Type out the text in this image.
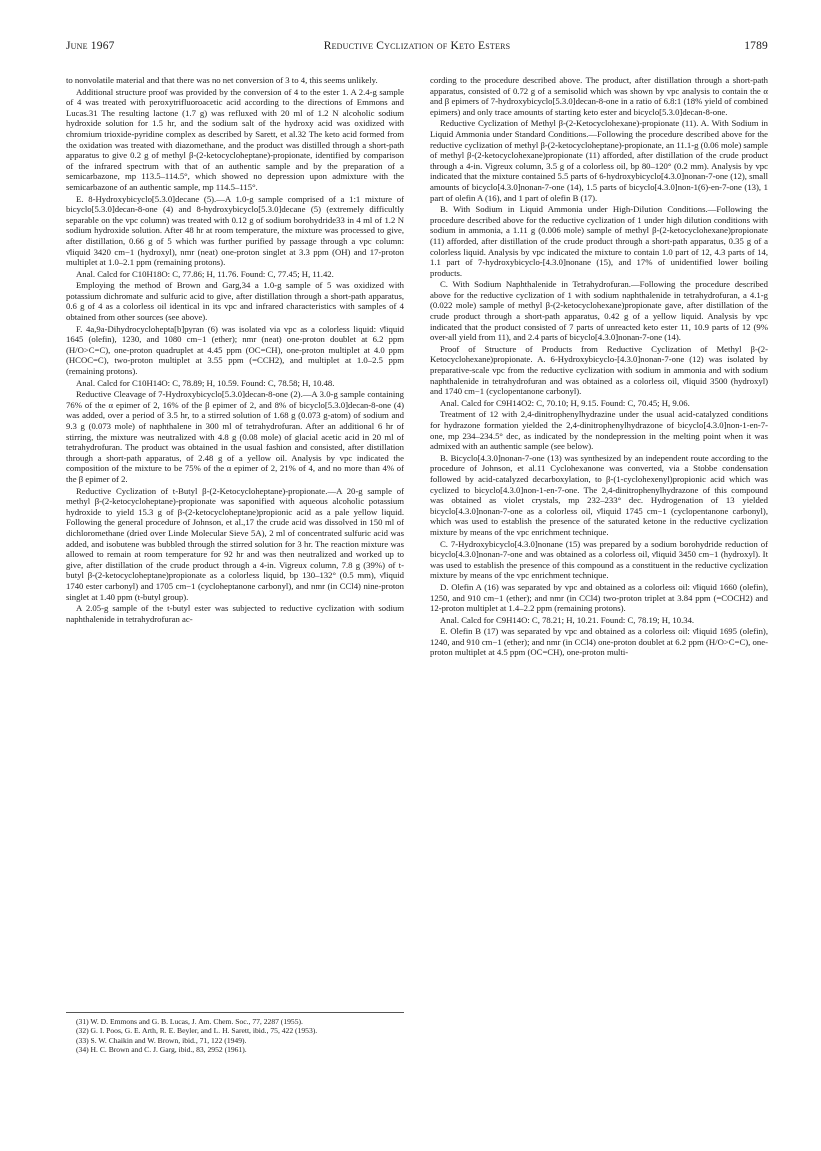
June 1967	Reductive Cyclization of Keto Esters	1789

to nonvolatile material and that there was no net conversion of 3 to 4, this seems unlikely.

Additional structure proof was provided by the conversion of 4 to the ester 1. A 2.4-g sample of 4 was treated with peroxytrifluoroacetic acid according to the directions of Emmons and Lucas.31 The resulting lactone (1.7 g) was refluxed with 20 ml of 1.2 N alcoholic sodium hydroxide solution for 1.5 hr, and the sodium salt of the hydroxy acid was oxidized with chromium trioxide-pyridine complex as described by Sarett, et al.32 The keto acid formed from the oxidation was treated with diazomethane, and the product was distilled through a short-path apparatus to give 0.2 g of methyl β-(2-ketocycloheptane)-propionate, identified by comparison of the infrared spectrum with that of an authentic sample and by the preparation of a semicarbazone, mp 113.5–114.5°, which showed no depression upon admixture with the semicarbazone of an authentic sample, mp 114.5–115°.

E. 8-Hydroxybicyclo[5.3.0]decane (5).—A 1.0-g sample comprised of a 1:1 mixture of bicyclo[5.3.0]decan-8-one (4) and 8-hydroxybicyclo[5.3.0]decane (5) (extremely difficultly separable on the vpc column) was treated with 0.12 g of sodium borohydride33 in 4 ml of 1.2 N sodium hydroxide solution. After 48 hr at room temperature, the mixture was processed to give, after distillation, 0.66 g of 5 which was further purified by passage through a vpc column: ν̄liquid 3420 cm−1 (hydroxyl), nmr (neat) one-proton singlet at 3.3 ppm (OH) and 17-proton multiplet at 1.0–2.1 ppm (remaining protons).

Anal. Calcd for C10H18O: C, 77.86; H, 11.76. Found: C, 77.45; H, 11.42.

Employing the method of Brown and Garg,34 a 1.0-g sample of 5 was oxidized with potassium dichromate and sulfuric acid to give, after distillation through a short-path apparatus, 0.6 g of 4 as a colorless oil identical in its vpc and infrared characteristics with samples of 4 obtained from other sources (see above).

F. 4a,9a-Dihydrocyclohepta[b]pyran (6) was isolated via vpc as a colorless liquid: ν̄liquid 1645 (olefin), 1230, and 1080 cm−1 (ether); nmr (neat) one-proton doublet at 6.2 ppm (H/O>C=C), one-proton quadruplet at 4.45 ppm (OC=CH), one-proton multiplet at 4.0 ppm (HCOC=C), two-proton multiplet at 3.55 ppm (=CCH2), and multiplet at 1.0–2.5 ppm (remaining protons).

Anal. Calcd for C10H14O: C, 78.89; H, 10.59. Found: C, 78.58; H, 10.48.

Reductive Cleavage of 7-Hydroxybicyclo[5.3.0]decan-8-one (2).—A 3.0-g sample containing 76% of the α epimer of 2, 16% of the β epimer of 2, and 8% of bicyclo[5.3.0]decan-8-one (4) was added, over a period of 3.5 hr, to a stirred solution of 1.68 g (0.073 g-atom) of sodium and 9.3 g (0.073 mole) of naphthalene in 300 ml of tetrahydrofuran. After an additional 6 hr of stirring, the mixture was neutralized with 4.8 g (0.08 mole) of glacial acetic acid in 20 ml of tetrahydrofuran. The product was obtained in the usual fashion and consisted, after distillation through a short-path apparatus, of 2.48 g of a yellow oil. Analysis by vpc indicated the composition of the mixture to be 75% of the α epimer of 2, 21% of 4, and no more than 4% of the β epimer of 2.

Reductive Cyclization of t-Butyl β-(2-Ketocycloheptane)-propionate.—A 20-g sample of methyl β-(2-ketocycloheptane)-propionate was saponified with aqueous alcoholic potassium hydroxide to yield 15.3 g of β-(2-ketocycloheptane)propionic acid as a pale yellow liquid. Following the general procedure of Johnson, et al.,17 the crude acid was dissolved in 150 ml of dichloromethane (dried over Linde Molecular Sieve 5A), 2 ml of concentrated sulfuric acid was added, and isobutene was bubbled through the stirred solution for 3 hr. The reaction mixture was allowed to remain at room temperature for 92 hr and was then neutralized and worked up to give, after distillation of the crude product through a 4-in. Vigreux column, 7.8 g (39%) of t-butyl β-(2-ketocycloheptane)propionate as a colorless liquid, bp 130–132° (0.5 mm), ν̄liquid 1740 ester carbonyl) and 1705 cm−1 (cycloheptanone carbonyl), and nmr (in CCl4) nine-proton singlet at 1.40 ppm (t-butyl group).

A 2.05-g sample of the t-butyl ester was subjected to reductive cyclization with sodium naphthalenide in tetrahydrofuran ac-

(31) W. D. Emmons and G. B. Lucas, J. Am. Chem. Soc., 77, 2287 (1955).
(32) G. I. Poos, G. E. Arth, R. E. Beyler, and L. H. Sarett, ibid., 75, 422 (1953).
(33) S. W. Chaikin and W. Brown, ibid., 71, 122 (1949).
(34) H. C. Brown and C. J. Garg, ibid., 83, 2952 (1961).

cording to the procedure described above. The product, after distillation through a short-path apparatus, consisted of 0.72 g of a semisolid which was shown by vpc analysis to contain the α and β epimers of 7-hydroxybicyclo[5.3.0]decan-8-one in a ratio of 6.8:1 (18% yield of combined epimers) and only trace amounts of starting keto ester and bicyclo[5.3.0]decan-8-one.

Reductive Cyclization of Methyl β-(2-Ketocyclohexane)-propionate (11). A. With Sodium in Liquid Ammonia under Standard Conditions.—Following the procedure described above for the reductive cyclization of methyl β-(2-ketocycloheptane)-propionate, an 11.1-g (0.06 mole) sample of methyl β-(2-ketocyclohexane)propionate (11) afforded, after distillation of the crude product through a 4-in. Vigreux column, 3.5 g of a colorless oil, bp 80–120° (0.2 mm). Analysis by vpc indicated that the mixture contained 5.5 parts of 6-hydroxybicyclo[4.3.0]nonan-7-one (12), small amounts of bicyclo[4.3.0]nonan-7-one (14), 1.5 parts of bicyclo[4.3.0]non-1(6)-en-7-one (13), 1 part of olefin A (16), and 1 part of olefin B (17).

B. With Sodium in Liquid Ammonia under High-Dilution Conditions.—Following the procedure described above for the reductive cyclization of 1 under high dilution conditions with sodium in ammonia, a 1.11 g (0.006 mole) sample of methyl β-(2-ketocyclohexane)propionate (11) afforded, after distillation of the crude product through a short-path apparatus, 0.35 g of a colorless liquid. Analysis by vpc indicated the mixture to contain 1.0 part of 12, 4.3 parts of 14, 1.1 part of 7-hydroxybicyclo-[4.3.0]nonane (15), and 17% of unidentified lower boiling products.

C. With Sodium Naphthalenide in Tetrahydrofuran.—Following the procedure described above for the reductive cyclization of 1 with sodium naphthalenide in tetrahydrofuran, a 4.1-g (0.022 mole) sample of methyl β-(2-ketocyclohexane)propionate gave, after distillation of the crude product through a short-path apparatus, 0.42 g of a yellow liquid. Analysis by vpc indicated that the product consisted of 7 parts of unreacted keto ester 11, 10.9 parts of 12 (9% over-all yield from 11), and 2.4 parts of bicyclo[4.3.0]nonan-7-one (14).

Proof of Structure of Products from Reductive Cyclization of Methyl β-(2-Ketocyclohexane)propionate. A. 6-Hydroxybicyclo-[4.3.0]nonan-7-one (12) was isolated by preparative-scale vpc from the reductive cyclization with sodium in ammonia and with sodium naphthalenide in tetrahydrofuran and was obtained as a colorless oil, ν̄liquid 3500 (hydroxyl) and 1740 cm−1 (cyclopentanone carbonyl).

Anal. Calcd for C9H14O2: C, 70.10; H, 9.15. Found: C, 70.45; H, 9.06.

Treatment of 12 with 2,4-dinitrophenylhydrazine under the usual acid-catalyzed conditions for hydrazone formation yielded the 2,4-dinitrophenylhydrazone of bicyclo[4.3.0]non-1-en-7-one, mp 234–234.5° dec, as indicated by the nondepression in the melting point when it was admixed with an authentic sample (see below).

B. Bicyclo[4.3.0]nonan-7-one (13) was synthesized by an independent route according to the procedure of Johnson, et al.11 Cyclohexanone was converted, via a Stobbe condensation followed by acid-catalyzed decarboxylation, to β-(1-cyclohexenyl)propionic acid which was cyclized to bicyclo[4.3.0]non-1-en-7-one. The 2,4-dinitrophenylhydrazone of this compound was obtained as violet crystals, mp 232–233° dec. Hydrogenation of 13 yielded bicyclo[4.3.0]nonan-7-one as a colorless oil, ν̄liquid 1745 cm−1 (cyclopentanone carbonyl), which was used to establish the presence of the saturated ketone in the reductive cyclization mixture by means of the vpc enrichment technique.

C. 7-Hydroxybicyclo[4.3.0]nonane (15) was prepared by a sodium borohydride reduction of bicyclo[4.3.0]nonan-7-one and was obtained as a colorless oil, ν̄liquid 3450 cm−1 (hydroxyl). It was used to establish the presence of this compound as a constituent in the reductive cyclization mixture by means of the vpc enrichment technique.

D. Olefin A (16) was separated by vpc and obtained as a colorless oil: ν̄liquid 1660 (olefin), 1250, and 910 cm−1 (ether); and nmr (in CCl4) two-proton triplet at 3.84 ppm (=COCH2) and 12-proton multiplet at 1.4–2.2 ppm (remaining protons).

Anal. Calcd for C9H14O: C, 78.21; H, 10.21. Found: C, 78.19; H, 10.34.

E. Olefin B (17) was separated by vpc and obtained as a colorless oil: ν̄liquid 1695 (olefin), 1240, and 910 cm−1 (ether); and nmr (in CCl4) one-proton doublet at 6.2 ppm (H/O>C=C), one-proton multiplet at 4.5 ppm (OC=CH), one-proton multi-
